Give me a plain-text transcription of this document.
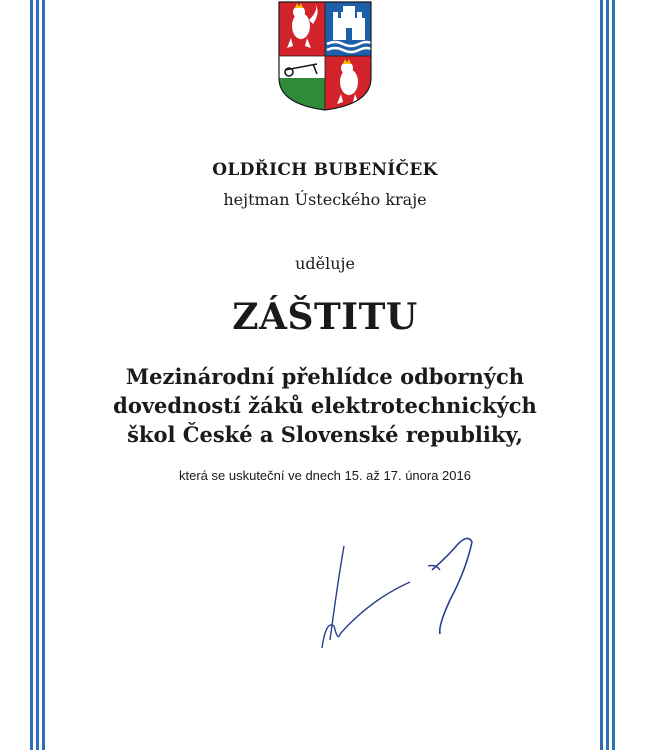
OLDŘICH BUBENÍČEK
hejtman Ústeckého kraje
uděluje
ZÁŠTITU
Mezinárodní přehlídce odborných
dovedností žáků elektrotechnických
škol České a Slovenské republiky,
která se uskuteční ve dnech 15. až 17. února 2016
